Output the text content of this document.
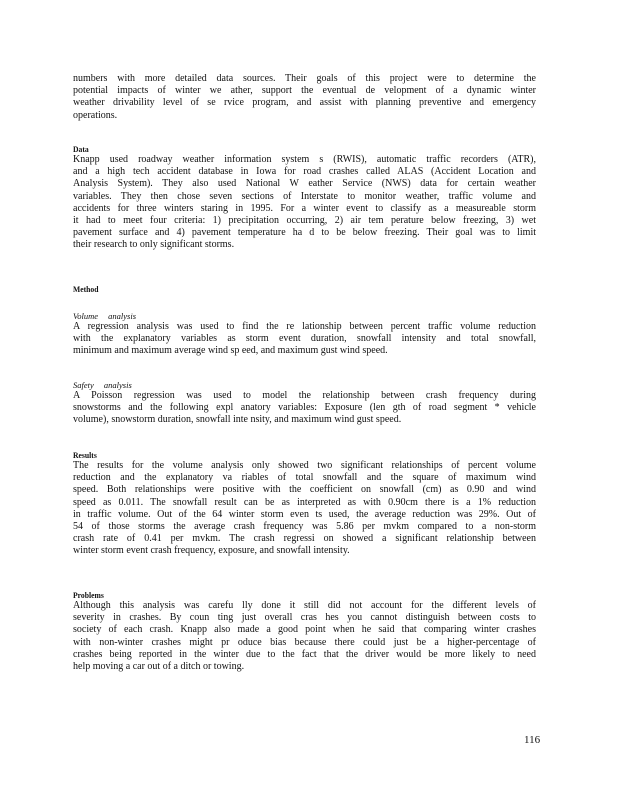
numbers with more detailed data sources. Their goals of this project were to determine the
potential impacts of winter we ather, support the eventual de velopment of a dynamic winter
weather drivability level of se rvice program, and assist with planning preventive and emergency
operations.

Data

Knapp used roadway weather information system s (RWIS), automatic traffic recorders (ATR),
and a high tech accident database in Iowa for road crashes called ALAS (Accident Location and
Analysis System). They also used National W eather Service (NWS) data for certain weather
variables. They then chose seven sections of Interstate to monitor weather, traffic volume and
accidents for three winters staring in 1995. For a winter event to classify as a measureable storm
it had to meet four criteria: 1) precipitation occurring, 2) air tem perature below freezing, 3) wet
pavement surface and 4) pavement temperature ha d to be below freezing. Their goal was to limit
their research to only significant storms.

Method

Volume analysis

A regression analysis was used to find the re lationship between percent traffic volume reduction
with the explanatory variables as storm event duration, snowfall intensity and total snowfall,
minimum and maximum average wind sp eed, and maximum gust wind speed.

Safety analysis

A Poisson regression was used to model the relationship between crash frequency during
snowstorms and the following expl anatory variables: Exposure (len gth of road segment * vehicle
volume), snowstorm duration, snowfall inte nsity, and maximum wind gust speed.

Results

The results for the volume analysis only showed two significant relationships of percent volume
reduction and the explanatory va riables of total snowfall and the square of maximum wind
speed. Both relationships were positive with the coefficient on snowfall (cm) as 0.90 and wind
speed as 0.011. The snowfall result can be as interpreted as with 0.90cm there is a 1% reduction
in traffic volume. Out of the 64 winter storm even ts used, the average reduction was 29%. Out of
54 of those storms the average crash frequency was 5.86 per mvkm compared to a non-storm
crash rate of 0.41 per mvkm. The crash regressi on showed a significant relationship between
winter storm event crash frequency, exposure, and snowfall intensity.

Problems

Although this analysis was carefu lly done it still did not account for the different levels of
severity in crashes. By coun ting just overall cras hes you cannot distinguish between costs to
society of each crash. Knapp also made a good point when he said that comparing winter crashes
with non-winter crashes might pr oduce bias because there could just be a higher-percentage of
crashes being reported in the winter due to the fact that the driver would be more likely to need
help moving a car out of a ditch or towing.

116
